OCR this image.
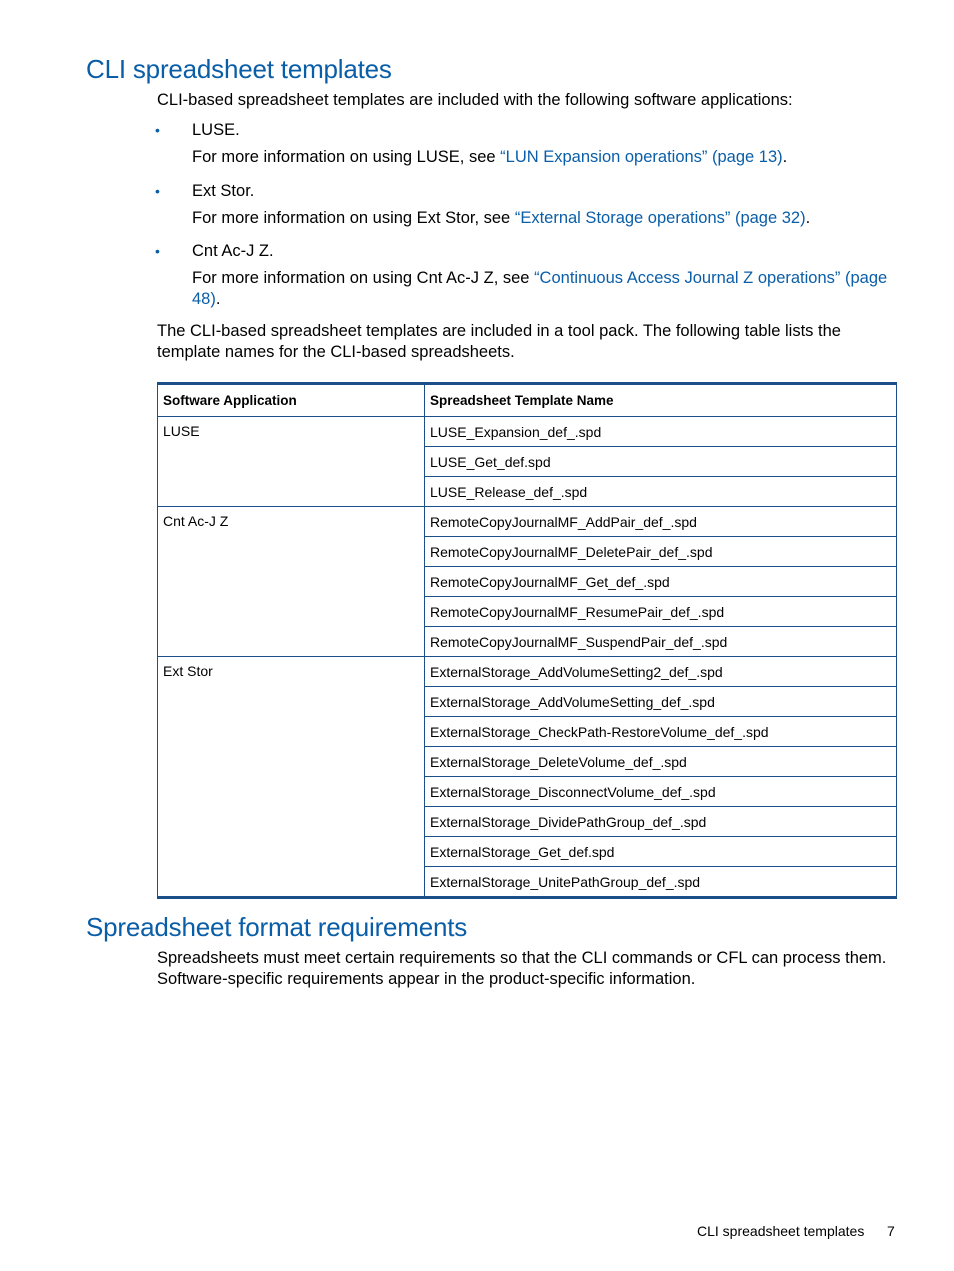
CLI spreadsheet templates

CLI-based spreadsheet templates are included with the following software applications:

• LUSE.
For more information on using LUSE, see “LUN Expansion operations” (page 13).
• Ext Stor.
For more information on using Ext Stor, see “External Storage operations” (page 32).
• Cnt Ac-J Z.
For more information on using Cnt Ac-J Z, see “Continuous Access Journal Z operations” (page 48).

The CLI-based spreadsheet templates are included in a tool pack. The following table lists the template names for the CLI-based spreadsheets.

Software Application	Spreadsheet Template Name
LUSE	LUSE_Expansion_def_.spd
	LUSE_Get_def.spd
	LUSE_Release_def_.spd
Cnt Ac-J Z	RemoteCopyJournalMF_AddPair_def_.spd
	RemoteCopyJournalMF_DeletePair_def_.spd
	RemoteCopyJournalMF_Get_def_.spd
	RemoteCopyJournalMF_ResumePair_def_.spd
	RemoteCopyJournalMF_SuspendPair_def_.spd
Ext Stor	ExternalStorage_AddVolumeSetting2_def_.spd
	ExternalStorage_AddVolumeSetting_def_.spd
	ExternalStorage_CheckPath-RestoreVolume_def_.spd
	ExternalStorage_DeleteVolume_def_.spd
	ExternalStorage_DisconnectVolume_def_.spd
	ExternalStorage_DividePathGroup_def_.spd
	ExternalStorage_Get_def.spd
	ExternalStorage_UnitePathGroup_def_.spd
Spreadsheet format requirements

Spreadsheets must meet certain requirements so that the CLI commands or CFL can process them. Software-specific requirements appear in the product-specific information.

CLI spreadsheet templates 7
